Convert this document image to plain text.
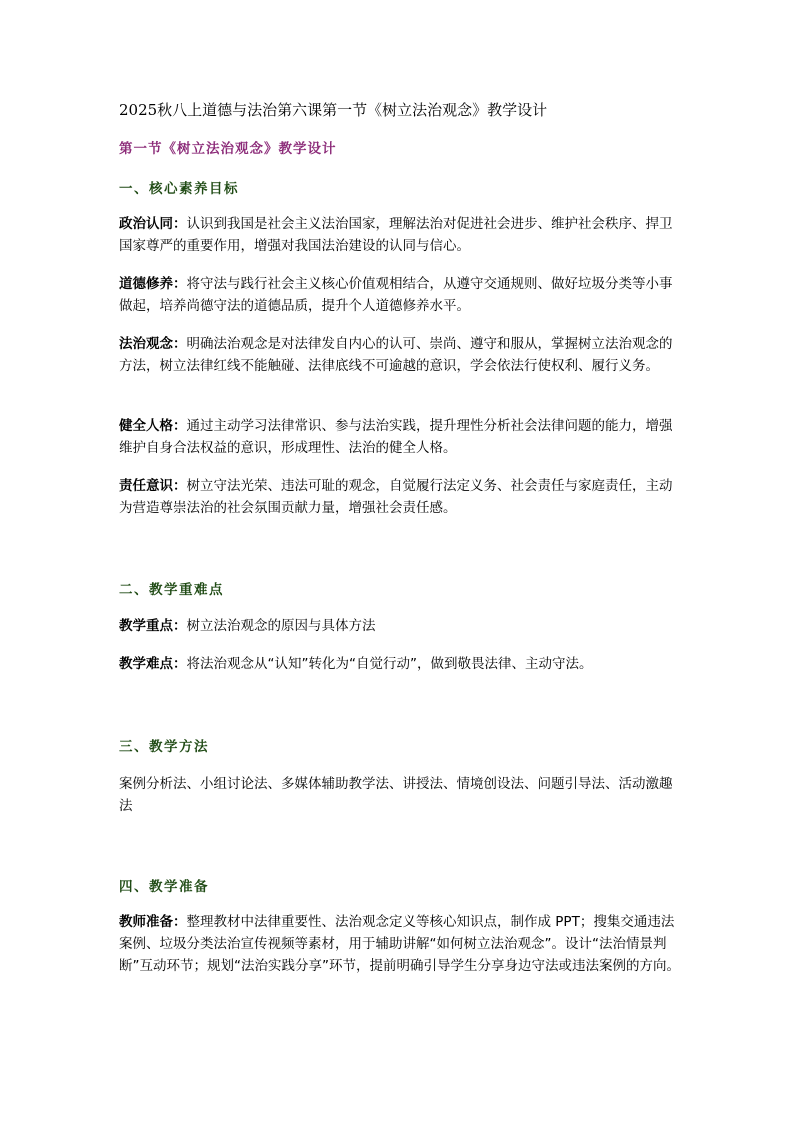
2025秋八上道德与法治第六课第一节《树立法治观念》教学设计
第一节《树立法治观念》教学设计
一、核心素养目标
政治认同：认识到我国是社会主义法治国家，理解法治对促进社会进步、维护社会秩序、捍卫国家尊严的重要作用，增强对我国法治建设的认同与信心。
道德修养：将守法与践行社会主义核心价值观相结合，从遵守交通规则、做好垃圾分类等小事做起，培养尚德守法的道德品质，提升个人道德修养水平。
法治观念：明确法治观念是对法律发自内心的认可、崇尚、遵守和服从，掌握树立法治观念的方法，树立法律红线不能触碰、法律底线不可逾越的意识，学会依法行使权利、履行义务。
健全人格：通过主动学习法律常识、参与法治实践，提升理性分析社会法律问题的能力，增强维护自身合法权益的意识，形成理性、法治的健全人格。
责任意识：树立守法光荣、违法可耻的观念，自觉履行法定义务、社会责任与家庭责任，主动为营造尊崇法治的社会氛围贡献力量，增强社会责任感。
二、教学重难点
教学重点：树立法治观念的原因与具体方法
教学难点：将法治观念从“认知”转化为“自觉行动”，做到敬畏法律、主动守法。
三、教学方法
案例分析法、小组讨论法、多媒体辅助教学法、讲授法、情境创设法、问题引导法、活动激趣法
四、教学准备
教师准备：整理教材中法律重要性、法治观念定义等核心知识点，制作成 PPT；搜集交通违法案例、垃圾分类法治宣传视频等素材，用于辅助讲解“如何树立法治观念”。设计“法治情景判断”互动环节；规划“法治实践分享”环节，提前明确引导学生分享身边守法或违法案例的方向。
